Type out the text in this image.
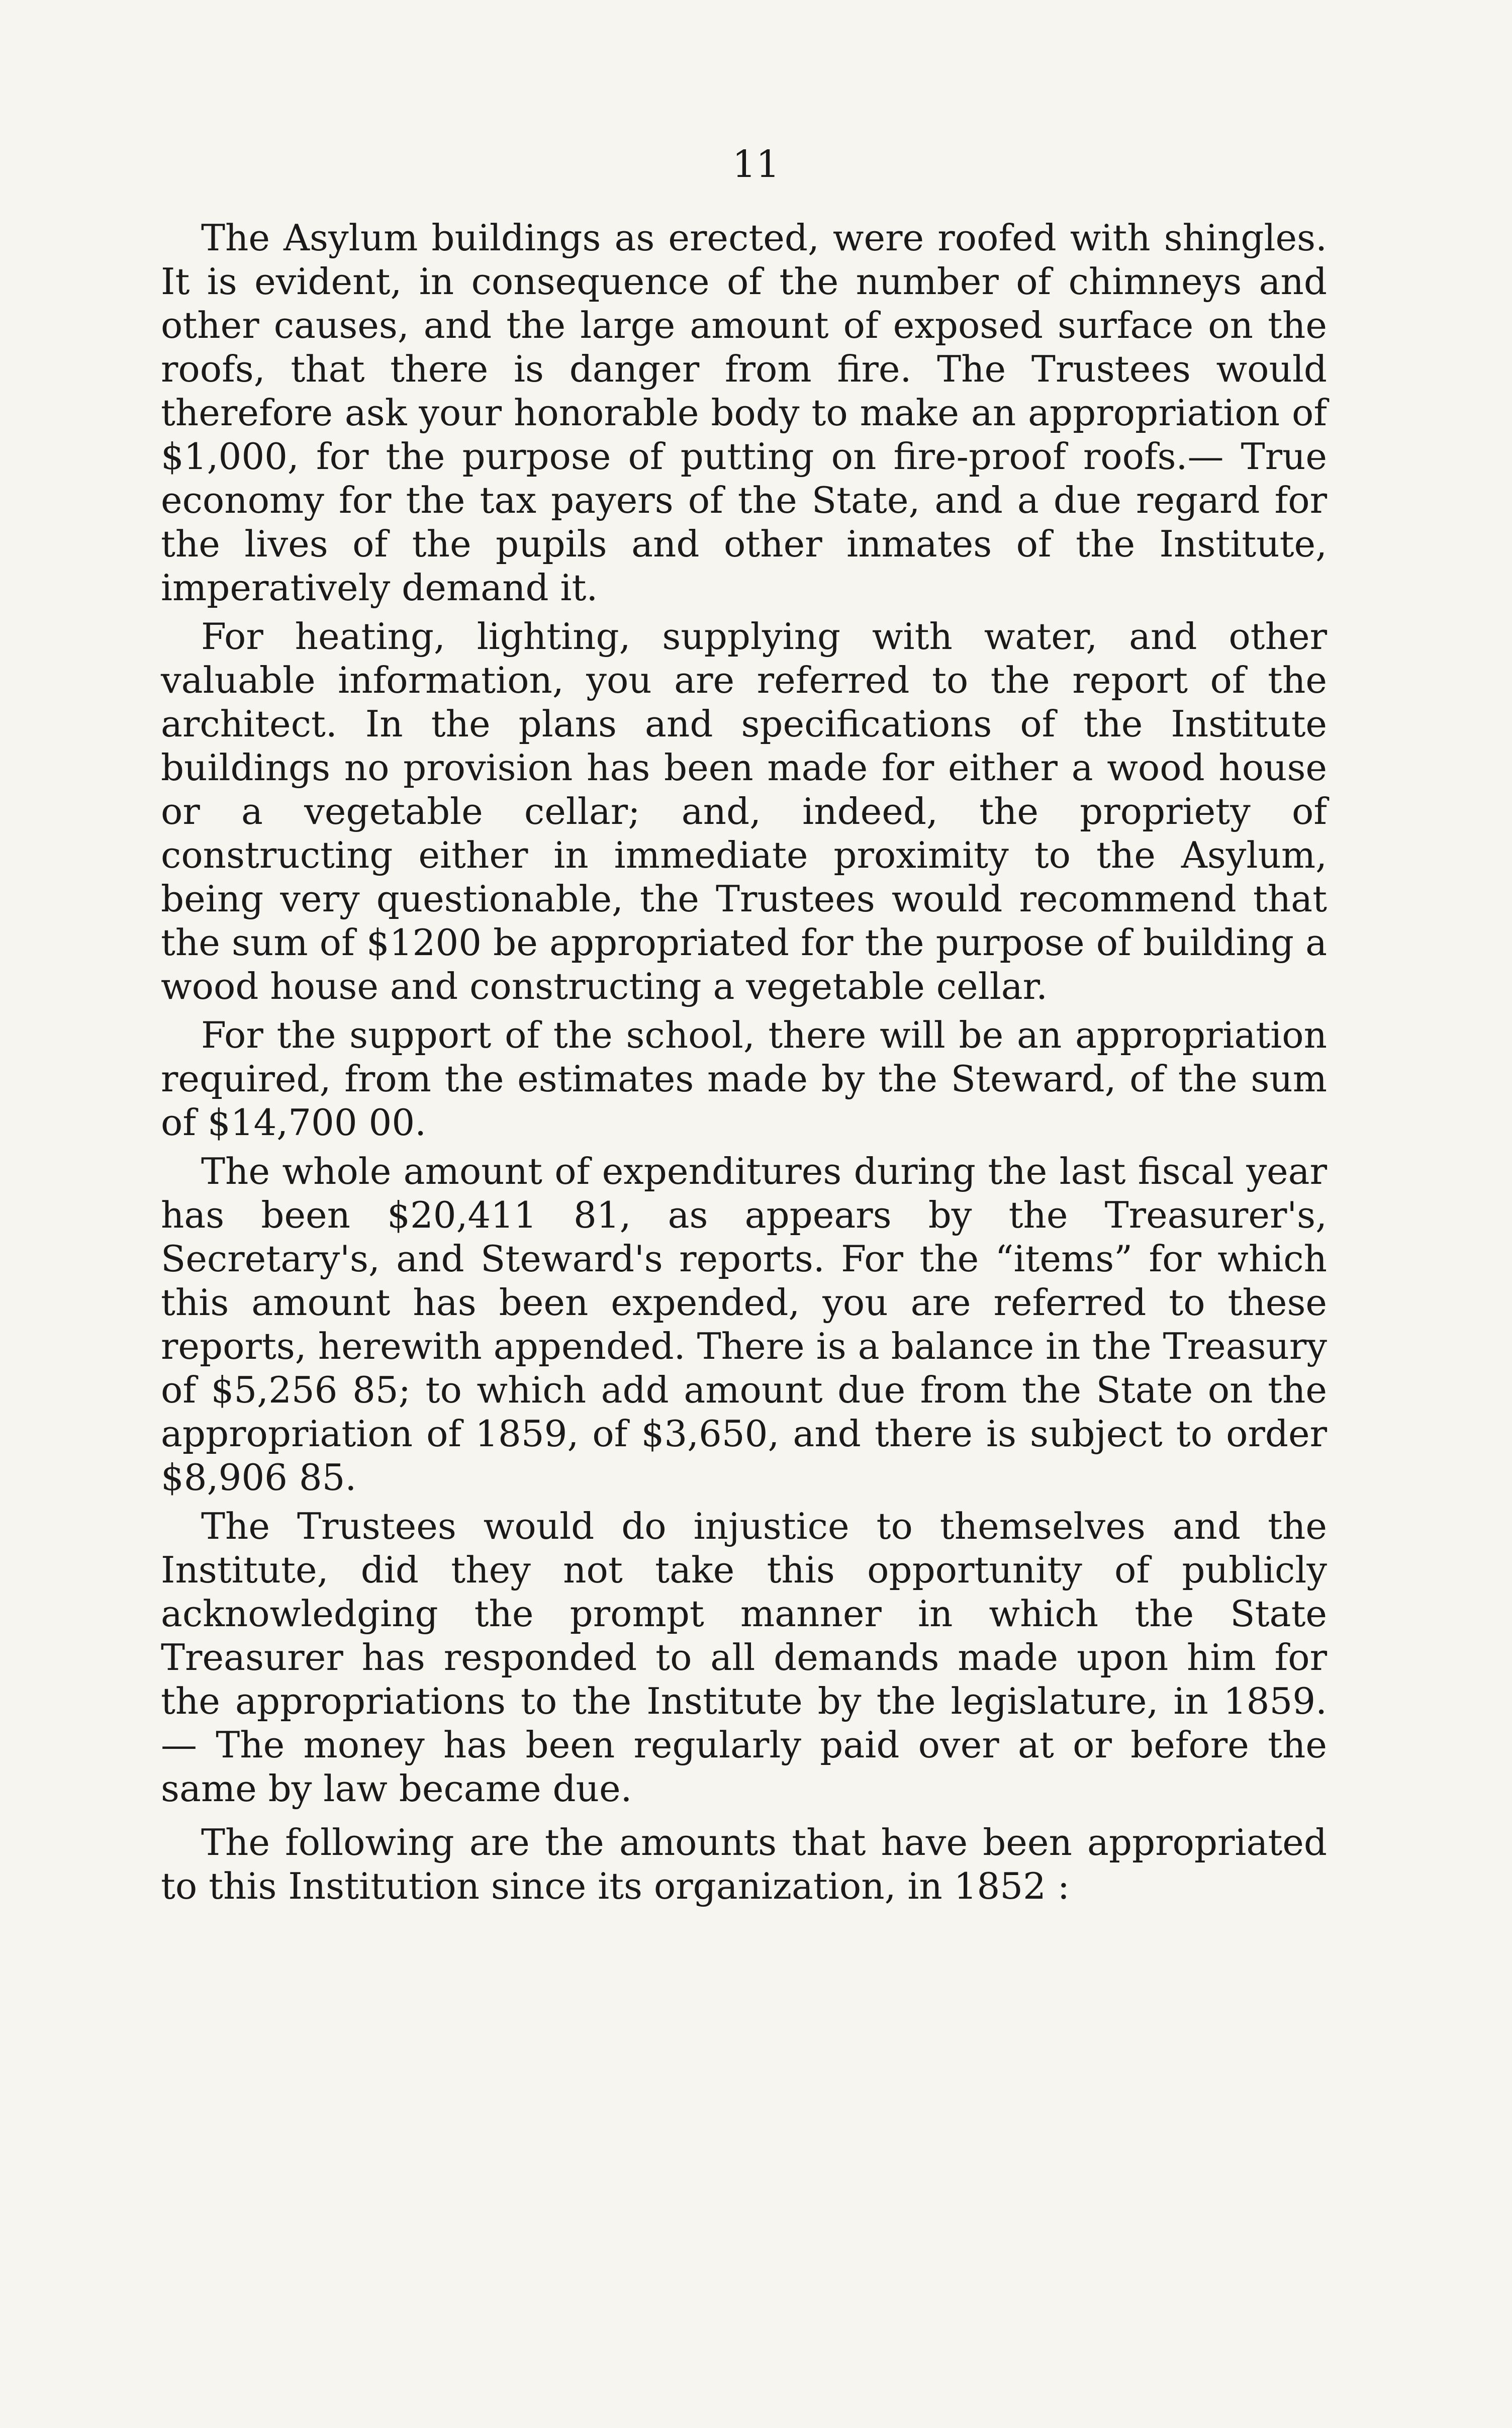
11

The Asylum buildings as erected, were roofed with shingles. It is evident, in consequence of the number of chimneys and other causes, and the large amount of exposed surface on the roofs, that there is danger from fire. The Trustees would therefore ask your honorable body to make an appropriation of $1,000, for the purpose of putting on fire-proof roofs.— True economy for the tax payers of the State, and a due regard for the lives of the pupils and other inmates of the Institute, imperatively demand it.

For heating, lighting, supplying with water, and other valuable information, you are referred to the report of the architect. In the plans and specifications of the Institute buildings no provision has been made for either a wood house or a vegetable cellar; and, indeed, the propriety of constructing either in immediate proximity to the Asylum, being very questionable, the Trustees would recommend that the sum of $1200 be appropriated for the purpose of building a wood house and constructing a vegetable cellar.

For the support of the school, there will be an appropriation required, from the estimates made by the Steward, of the sum of $14,700 00.

The whole amount of expenditures during the last fiscal year has been $20,411 81, as appears by the Treasurer's, Secretary's, and Steward's reports. For the “items” for which this amount has been expended, you are referred to these reports, herewith appended. There is a balance in the Treasury of $5,256 85; to which add amount due from the State on the appropriation of 1859, of $3,650, and there is subject to order $8,906 85.

The Trustees would do injustice to themselves and the Institute, did they not take this opportunity of publicly acknowledging the prompt manner in which the State Treasurer has responded to all demands made upon him for the appropriations to the Institute by the legislature, in 1859.— The money has been regularly paid over at or before the same by law became due.

The following are the amounts that have been appropriated to this Institution since its organization, in 1852 :
